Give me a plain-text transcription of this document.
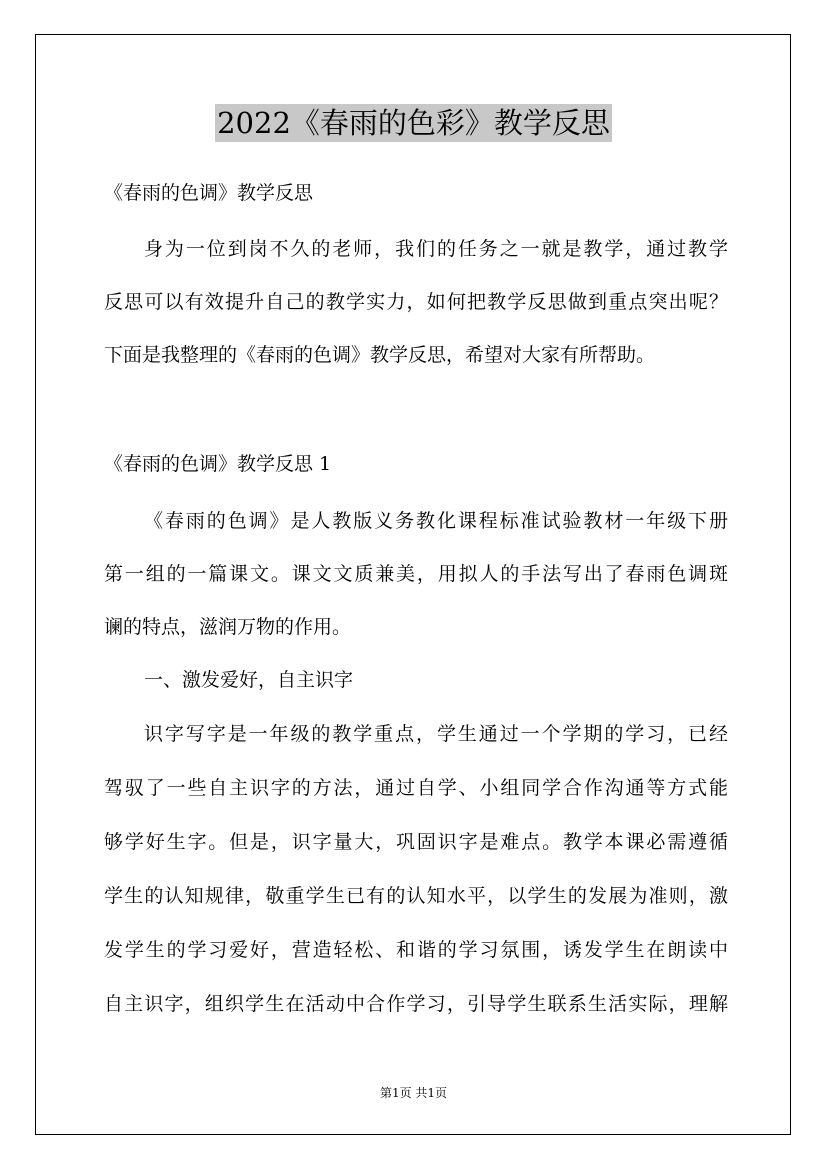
2022《春雨的色彩》教学反思
《春雨的色调》教学反思
身为一位到岗不久的老师，我们的任务之一就是教学，通过教学
反思可以有效提升自己的教学实力，如何把教学反思做到重点突出呢？
下面是我整理的《春雨的色调》教学反思，希望对大家有所帮助。
《春雨的色调》教学反思 1
《春雨的色调》是人教版义务教化课程标准试验教材一年级下册
第一组的一篇课文。课文文质兼美，用拟人的手法写出了春雨色调斑
谰的特点，滋润万物的作用。
一、激发爱好，自主识字
识字写字是一年级的教学重点，学生通过一个学期的学习，已经
驾驭了一些自主识字的方法，通过自学、小组同学合作沟通等方式能
够学好生字。但是，识字量大，巩固识字是难点。教学本课必需遵循
学生的认知规律，敬重学生已有的认知水平，以学生的发展为准则，激
发学生的学习爱好，营造轻松、和谐的学习氛围，诱发学生在朗读中
自主识字，组织学生在活动中合作学习，引导学生联系生活实际，理解
第1页 共1页
